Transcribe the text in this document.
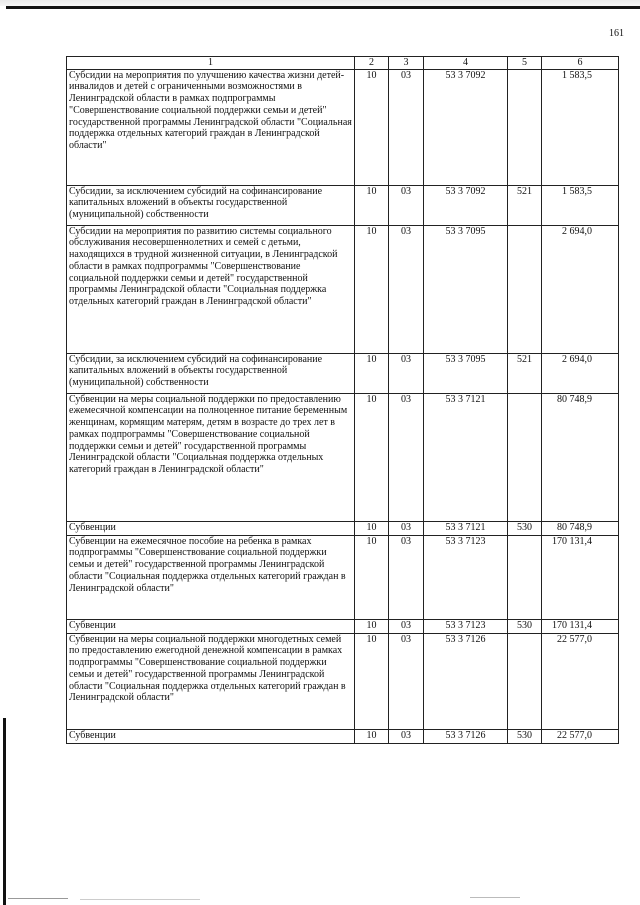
161
1	2	3	4	5	6
Субсидии на мероприятия по улучшению качества жизни детей-инвалидов и детей с ограниченными возможностями в Ленинградской области в рамках подпрограммы "Совершенствование социальной поддержки семьи и детей" государственной программы Ленинградской области "Социальная поддержка отдельных категорий граждан в Ленинградской области"	10	03	53 3 7092		1 583,5
Субсидии, за исключением субсидий на софинансирование капитальных вложений в объекты государственной (муниципальной) собственности	10	03	53 3 7092	521	1 583,5
Субсидии на мероприятия по развитию системы социального обслуживания несовершеннолетних и семей с детьми, находящихся в трудной жизненной ситуации, в Ленинградской области в рамках подпрограммы "Совершенствование социальной поддержки семьи и детей" государственной программы Ленинградской области "Социальная поддержка отдельных категорий граждан в Ленинградской области"	10	03	53 3 7095		2 694,0
Субсидии, за исключением субсидий на софинансирование капитальных вложений в объекты государственной (муниципальной) собственности	10	03	53 3 7095	521	2 694,0
Субвенции на меры социальной поддержки по предоставлению ежемесячной компенсации на полноценное питание беременным женщинам, кормящим матерям, детям в возрасте до трех лет в рамках подпрограммы "Совершенствование социальной поддержки семьи и детей" государственной программы Ленинградской области "Социальная поддержка отдельных категорий граждан в Ленинградской области"	10	03	53 3 7121		80 748,9
Субвенции	10	03	53 3 7121	530	80 748,9
Субвенции на ежемесячное пособие на ребенка в рамках подпрограммы "Совершенствование социальной поддержки семьи и детей" государственной программы Ленинградской области "Социальная поддержка отдельных категорий граждан в Ленинградской области"	10	03	53 3 7123		170 131,4
Субвенции	10	03	53 3 7123	530	170 131,4
Субвенции на меры социальной поддержки многодетных семей по предоставлению ежегодной денежной компенсации в рамках подпрограммы "Совершенствование социальной поддержки семьи и детей" государственной программы Ленинградской области "Социальная поддержка отдельных категорий граждан в Ленинградской области"	10	03	53 3 7126		22 577,0
Субвенции	10	03	53 3 7126	530	22 577,0
